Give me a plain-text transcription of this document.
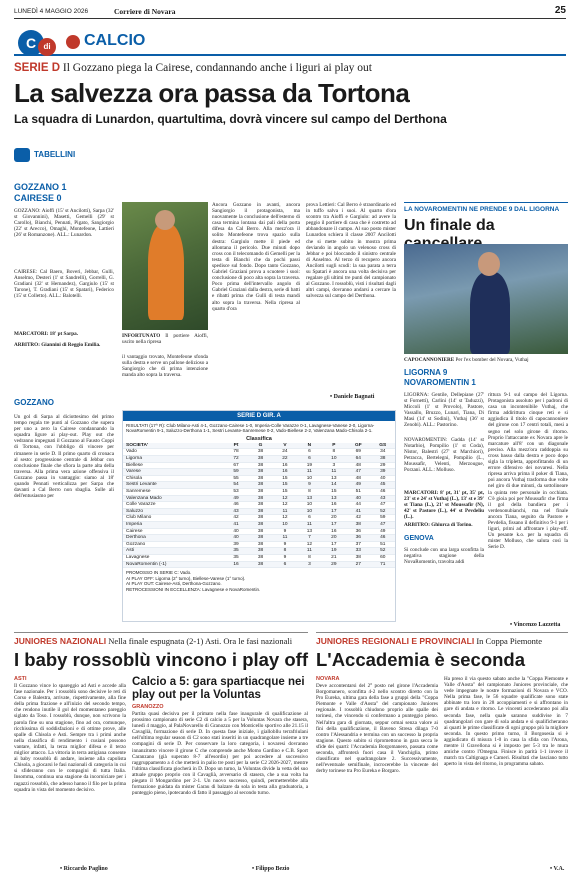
LUNEDÌ 4 MAGGIO 2026	Corriere di Novara	25
C di	CALCIO
SERIE D Il Gozzano piega la Cairese, condannando anche i liguri ai play out
La salvezza ora passa da Tortona
La squadra di Lunardon, quartultima, dovrà vincere sul campo del Derthona
TABELLINI
GOZZANO 1
CAIRESE 0
GOZZANO: Aioffi (15' st Ancilotti), Sarpa (32' st Giovannini), Masetti, Gemelli (29' st Carollo), Bianchi, Pennati, Pigato, Sangiorgio (22' st Arecco), Omaghi, Montefeone, Lattieri (26' st Romanzone). ALL.: Lunardon.
CAIRESE: Cal Baero, Boveri, Jebbar, Gulli, Anselmo, Desteri (1' st Sandrelli), Gorrelli, G. Gradiani (32' st Hernandez), Gargiulo (15' st Tarone), T. Gradiani (15' st Spatari), Federico (15' st Colletto). ALL.: Balotelli.
MARCATORI: 18' pt Sarpa.
ARBITRO: Giannini di Reggio Emilia.
GOZZANO
Un gol di Sarpa al diciottesimo del primo tempo regala tre punti al Gozzano che supera per uno a zero la Cairese condannando la squadra ligure ai play-out. Play out che vedranno impegnati il Gozzano al Fausto Coppi di Tortona, con l'obbligo di vincere per rimanere in serie D. Il primo quarto di cronaca al sesto: progressione centrale di Jebbar con conclusione finale che sfiora la parte alta della traversa. Alla prima vera azione offensiva il Gozzano passa in vantaggio: siamo al 18' quando Pennati verticalizza per Sarpa che davanti a Cal Berro non sbaglia. Sulle ali dell'entusiasmo per
INFORTUNATO Il portiere Aioffi, uscito nella ripresa
il vantaggio trovato, Montefeone sfonda sulla destra e serve un pallone delizioso a Sangiorgio che di prima intenzione manda alto sopra la traversa.
Ancora Gozzano in avanti, ancora Sangiorgio il protagonista, ma nuovamente la conclusione dell'esterno di casa termina lontana dai pali della porta difesa da Cal Berro. Alla mezz'ora il solito Montefeone trova spazio sulla destra: Gargiulo mette il piede ed allontana il pericolo. Due minuti dopo cross con il telecomando di Gemelli per la testa di Bianchi che da pochi passi spedisce sul fondo. Dopo tanto Gozzano, Gabriel Graziani prova a scuotere i suoi: conclusione di poco alta sopra la traversa. Poco prima dell'intervallo angolo di Gabriel Graziani dalla destra, serie di batti e ribatti prima che Gulli di testa mandi alto sopra la traversa. Nella ripresa al quarto d'ora
prova Lettieri: Cal Berro è straordinario ed in tuffo salva i suoi. Al quarto d'ora scontro tra Aioffi e Gargiulo: ad avere la peggio il portiere di casa che è costretto ad abbandonare il campo. Al suo posto mister Lunardon schiera il classe 2007 Ancilotti che si mette subito in mostra prima deviando in angolo un velenoso cross di Jebbar e poi bloccando il sinistro centrale di Anselmo. Al terzo di recupero ancora Ancilotti sugli scudi: la sua parata a terra su Spatari è ancora una volta decisiva per regalare gli ultimi tre punti del campionato al Gozzano. I rossoblù, visti i risultati dagli altri campi, dovranno andarsi a cercare la salvezza sul campo del Derthona.
• Daniele Bagnati
SERIE D GIR. A
RISULTATI (17^ R): Club Milano-Asti 4-1, Gozzano-Cairese 1-0, Imperia-Colle Varazze 0-1, Lavagnese-Vanese 2-0, Ligorna-NovaRomentin 9-1, Saluzzo-Derthona 1-1, Sestri Levante-Sanremese 0-2, Vado-Biellese 2-2, Valenzana Mado-Chisola 2-1.
Classifica
SOCIETA'	Pt	G	V	N	P	GF	GS
Vado	78	38	24	6	8	69	34
Ligorna	72	38	22	6	10	64	38
Biellese	67	38	16	19	3	48	29
Varese	59	38	16	11	11	47	39
Chisola	55	38	15	10	13	48	40
Sestri Levante	54	38	15	9	14	49	45
Sanremese	53	38	15	8	15	51	46
Valenzana Mado	49	38	12	13	13	40	43
Colle Varazze	46	38	12	10	16	44	47
Saluzzo	43	38	11	10	17	41	52
Club Milano	42	38	12	6	20	42	59
Imperia	41	38	10	11	17	38	47
Cairese	40	38	9	13	16	36	49
Derthona	40	38	11	7	20	36	46
Gozzano	39	38	9	12	17	37	51
Asti	35	38	8	11	19	33	52
Lavagnese	35	38	9	8	21	38	60
NovaRomentin (-1)	16	38	6	3	29	27	71
PROMOSSO IN SERIE C: Vado.
AI PLAY OFF: Ligorna (2° turno), Biellese-Varese (1° turno).
AI PLAY OUT: Cairese-Asti, Derthona-Gozzano.
RETROCESSIONI IN ECCELLENZA: Lavagnese e NovaRomentin.
LA NOVAROMENTIN NE PRENDE 9 DAL LIGORNA
Un finale da
CAPOCANNONIERE Per l'ex bomber del Novara, Vuthaj
LIGORNA 9
NOVAROMENTIN 1
LIGORNA: Gentile, Dellepiane (27' st Fornetti), Carlini (14' st Taduzzi), Miccoli (1' st Provolo), Pastore, Vassallo, Bruzzo, Lunari, Tiana, Di Masi (14' st Sodini), Vuthaj (36' st Zenobi). ALL.: Pastorino.
NOVAROMENTIN: Gadda (14' st Notarbio), Pompilio (1' st Coda), Nistor, Balestri (27' st Marchiori), Petracca, Bertelegni, Pompilio (L., Moussafir, Velenti, Merzougue, Porzani. ALL.: Molluso.
MARCATORI: 8' pt, 31' pt, 35' pt, 23' st e 24' st Vuthaj (L.), 13' st e 39' st Tiana (L.), 21' st Moussafir (N), 42' st Pastore (L.), 44' st Pevdeliu (L.).
ARBITRO: Ghiurca di Torino.
GENOVA
Si conclude con una larga sconfitta la negativa stagione della NovaRomentin, travolta addi
rittura 9-1 sul campo del Ligorna. Protagonista assoluto per i padroni di casa un incontenibile Vuthaj, che firma addirittura cinque reti e si aggiudica il titolo di capocannoniere del girone con 17 centri totali, mesi a segno nel solo girone di ritorno. Proprio l'attaccante ex Novara apre le marcature all'8' con un diagonale preciso. Alla mezz'ora raddoppia su cross basso dalla destra e poco dopo sigla la tripletta, approfittando di un errore difensivo dei novaresi. Nella ripresa arriva prima il poker di Tiana, poi ancora Vuthaj trasforma due volte nel giro di due minuti, da sottolineare la quinta rete personale in occhiata. C'è gioia poi per Moussafir che firma il gol della bandiera per i verdenonubianchi, ma nel finale ancora Tiana, seguito da Pastore e Pevdelia, fissano il definitivo 9-1 per i liguri, primi ad affrontare i play-off. Un pesante k.o. per la squadra di mister Molluso, che saluta così la Serie D.
• Vincenzo Lazzetta
JUNIORES NAZIONALI Nella finale espugnata (2-1) Asti. Ora le fasi nazionali
I baby rossoblù vincono i play off
ASTI
Il Gozzano vince lo spareggio ad Asti e accede alla fase nazionale. Per i rossoblù sono decisive le reti di Corso e Balestra, arrivate, rispettivamente, alla fine della prima frazione e all'inizio del secondo tempo, che rendono inutile il gol del momentaneo pareggio siglato da Toso. I rossoblù, dunque, non scrivono la parola fine su una stagione, fino ad ora, comunque, ricchissima di soddisfazioni e di ottime prove, alle spalle di Chisola e Asti. Sempre tra i primi anche nella classifica di rendimento i cusiani possono vantare, infatti, la terza miglior difesa e il terzo miglior attacco. La vittoria in terra astigiana consente ai baby rossoblù di andare, insieme alla capolista Chisola, a giocarsi le fasi nazionali di categoria in cui si sfideranno con le compagini di tutta Italia. Insomma, continua una stagione da incorniciare per i ragazzi rossoblù, che adesso hanno il filo per la prima squadra in vista del momento decisivo.
• Riccardo Paglino
Calcio a 5: gara spartiacque nei play out per la Voluntas
GRANOZZO
Partita quasi decisiva per il primato nella fase inaugurale di qualificazione al prossimo campionato di serie C2 di calcio a 5 per la Voluntas Novara che stasera, lunedì 4 maggio, al PalaNovarello di Granozzo con Monticello sportivo alle 21.15 il Cavaglià, formazione di serie D. In questa fase iniziale, i giallobllu terrafriulani nell'ultima regular season di C2 sono stati inseriti in un quadrangolare insieme a tre compagini di serie D. Per conservare la loro categoria, i novaresi dovranno innanzitutto vincere il girone C che comprende anche Momo Gardino e C.B. Sport Caranzano (già superato 8-7 all'esordio) per poi accedere al successivo raggruppamento a 4 che metterà in palio tre posti per la serie C2 2026-2027, mentre l'ultima classificata giocherà in D. Dopo un turno, la Voluntas divide la vetta del suo attuale gruppo proprio con il Cavaglià, avversario di stasera, che a sua volta ha piegato il Mongardino per 2-1. Un nuovo successo, quindi, permetterebbe alla formazione guidata da mister Garau di balzare da sola in testa alla graduatoria, a punteggio pieno, ipotecando di fatto il passaggio al secondo turno.
• Filippo Bezio
JUNIORES REGIONALI E PROVINCIALI In Coppa Piemonte
L'Accademia è seconda
NOVARA
Deve accontentarsi del 2° posto nel girone l'Accademia Borgomanero, sconfitta 4-2 nello scontro diretto con la Pro Eureka, ultima gara della fase a gruppi della "Coppa Piemonte e Valle d'Aosta" del campionato Juniores regionale. I rossoblù chiudono proprio alle spalle dei torinesi, che vincendo si confermano a punteggio pieno. Nell'altra gara di giornata, seppur ormai senza valore ai fini della qualificazione, il Baveno Stresa dilaga 7-0 contro l'Alessandria e termina con un successo la propria stagione. Questo subito si ripromettono in gara secca le sfide dei quarti: l'Accademia Borgomanero, passata come seconda, affronterà fuori casa il Vanchiglia, primo classificato nel quadrangolare 2. Successivamente, nell'eventuale semifinale, incrocerebbe la vincente del derby torinese tra Pro Eureka e Borgaro.
Ha preso il via questo sabato anche la "Coppa Piemonte e Valle d'Aosta" del campionato Juniores provinciale, che vede impegnate le nostre formazioni di Novara e VCO. Nella prima fase, le 56 squadre qualificate sono state abbinate tra loro in 28 accoppiamenti e si affrontano in gare di andata e ritorno. Le vincenti accederanno poi alla seconda fase, nella quale saranno suddivise in 7 quadrangolari con gare di sola andata e si qualificheranno ai quarti le prime classificate di ogni gruppo più la migliore seconda. In questo primo turno, il Borgosesia si è aggiudicato di misura 1-0 in casa la sfida con l'Arona, mentre il Gravellona si è imposto per 5-3 tra le mura amiche contro l'Omegna. Finisce in parità 1-1 invece il match tra Caltignaga e Cameri. Risultati che lasciano tutto aperto in vista del ritorno, in programma sabato.
• V.A.
